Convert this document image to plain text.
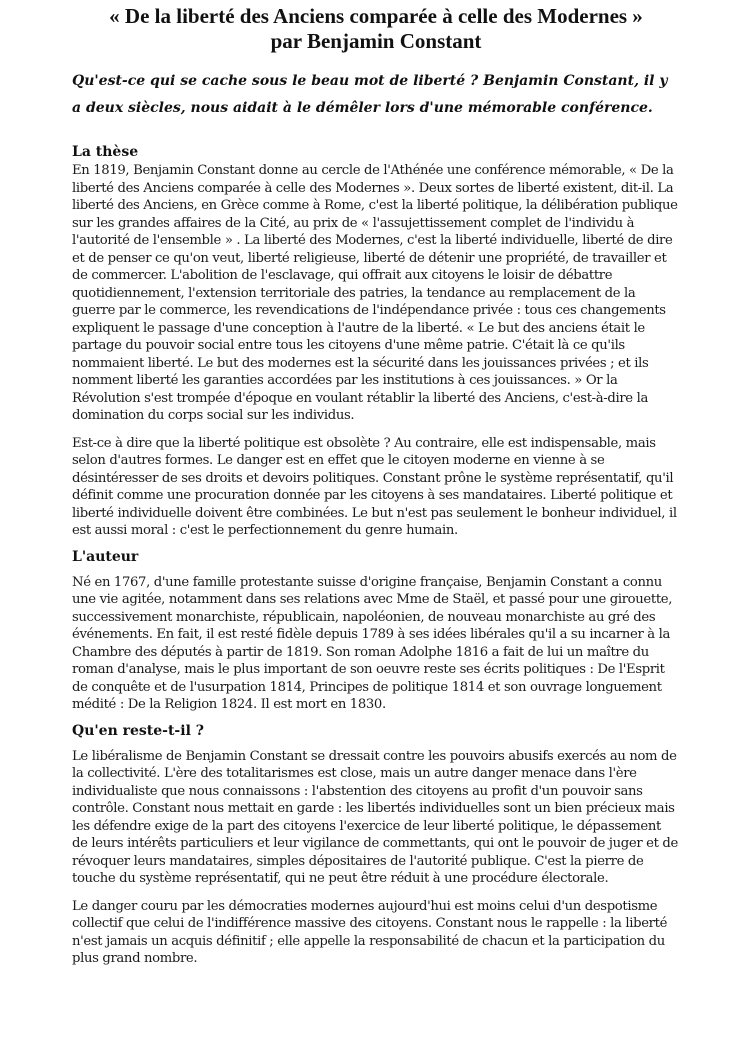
« De la liberté des Anciens comparée à celle des Modernes »
par Benjamin Constant

Qu'est-ce qui se cache sous le beau mot de liberté ? Benjamin Constant, il y a deux siècles, nous aidait à le démêler lors d'une mémorable conférence.

La thèse

En 1819, Benjamin Constant donne au cercle de l'Athénée une conférence mémorable, « De la liberté des Anciens comparée à celle des Modernes ». Deux sortes de liberté existent, dit-il. La liberté des Anciens, en Grèce comme à Rome, c'est la liberté politique, la délibération publique sur les grandes affaires de la Cité, au prix de « l'assujettissement complet de l'individu à l'autorité de l'ensemble » . La liberté des Modernes, c'est la liberté individuelle, liberté de dire et de penser ce qu'on veut, liberté religieuse, liberté de détenir une propriété, de travailler et de commercer. L'abolition de l'esclavage, qui offrait aux citoyens le loisir de débattre quotidiennement, l'extension territoriale des patries, la tendance au remplacement de la guerre par le commerce, les revendications de l'indépendance privée : tous ces changements expliquent le passage d'une conception à l'autre de la liberté. « Le but des anciens était le partage du pouvoir social entre tous les citoyens d'une même patrie. C'était là ce qu'ils nommaient liberté. Le but des modernes est la sécurité dans les jouissances privées ; et ils nomment liberté les garanties accordées par les institutions à ces jouissances. » Or la Révolution s'est trompée d'époque en voulant rétablir la liberté des Anciens, c'est-à-dire la domination du corps social sur les individus.

Est-ce à dire que la liberté politique est obsolète ? Au contraire, elle est indispensable, mais selon d'autres formes. Le danger est en effet que le citoyen moderne en vienne à se désintéresser de ses droits et devoirs politiques. Constant prône le système représentatif, qu'il définit comme une procuration donnée par les citoyens à ses mandataires. Liberté politique et liberté individuelle doivent être combinées. Le but n'est pas seulement le bonheur individuel, il est aussi moral : c'est le perfectionnement du genre humain.

L'auteur

Né en 1767, d'une famille protestante suisse d'origine française, Benjamin Constant a connu une vie agitée, notamment dans ses relations avec Mme de Staël, et passé pour une girouette, successivement monarchiste, républicain, napoléonien, de nouveau monarchiste au gré des événements. En fait, il est resté fidèle depuis 1789 à ses idées libérales qu'il a su incarner à la Chambre des députés à partir de 1819. Son roman Adolphe 1816 a fait de lui un maître du roman d'analyse, mais le plus important de son oeuvre reste ses écrits politiques : De l'Esprit de conquête et de l'usurpation 1814, Principes de politique 1814 et son ouvrage longuement médité : De la Religion 1824. Il est mort en 1830.

Qu'en reste-t-il ?

Le libéralisme de Benjamin Constant se dressait contre les pouvoirs abusifs exercés au nom de la collectivité. L'ère des totalitarismes est close, mais un autre danger menace dans l'ère individualiste que nous connaissons : l'abstention des citoyens au profit d'un pouvoir sans contrôle. Constant nous mettait en garde : les libertés individuelles sont un bien précieux mais les défendre exige de la part des citoyens l'exercice de leur liberté politique, le dépassement de leurs intérêts particuliers et leur vigilance de commettants, qui ont le pouvoir de juger et de révoquer leurs mandataires, simples dépositaires de l'autorité publique. C'est la pierre de touche du système représentatif, qui ne peut être réduit à une procédure électorale.

Le danger couru par les démocraties modernes aujourd'hui est moins celui d'un despotisme collectif que celui de l'indifférence massive des citoyens. Constant nous le rappelle : la liberté n'est jamais un acquis définitif ; elle appelle la responsabilité de chacun et la participation du plus grand nombre.
